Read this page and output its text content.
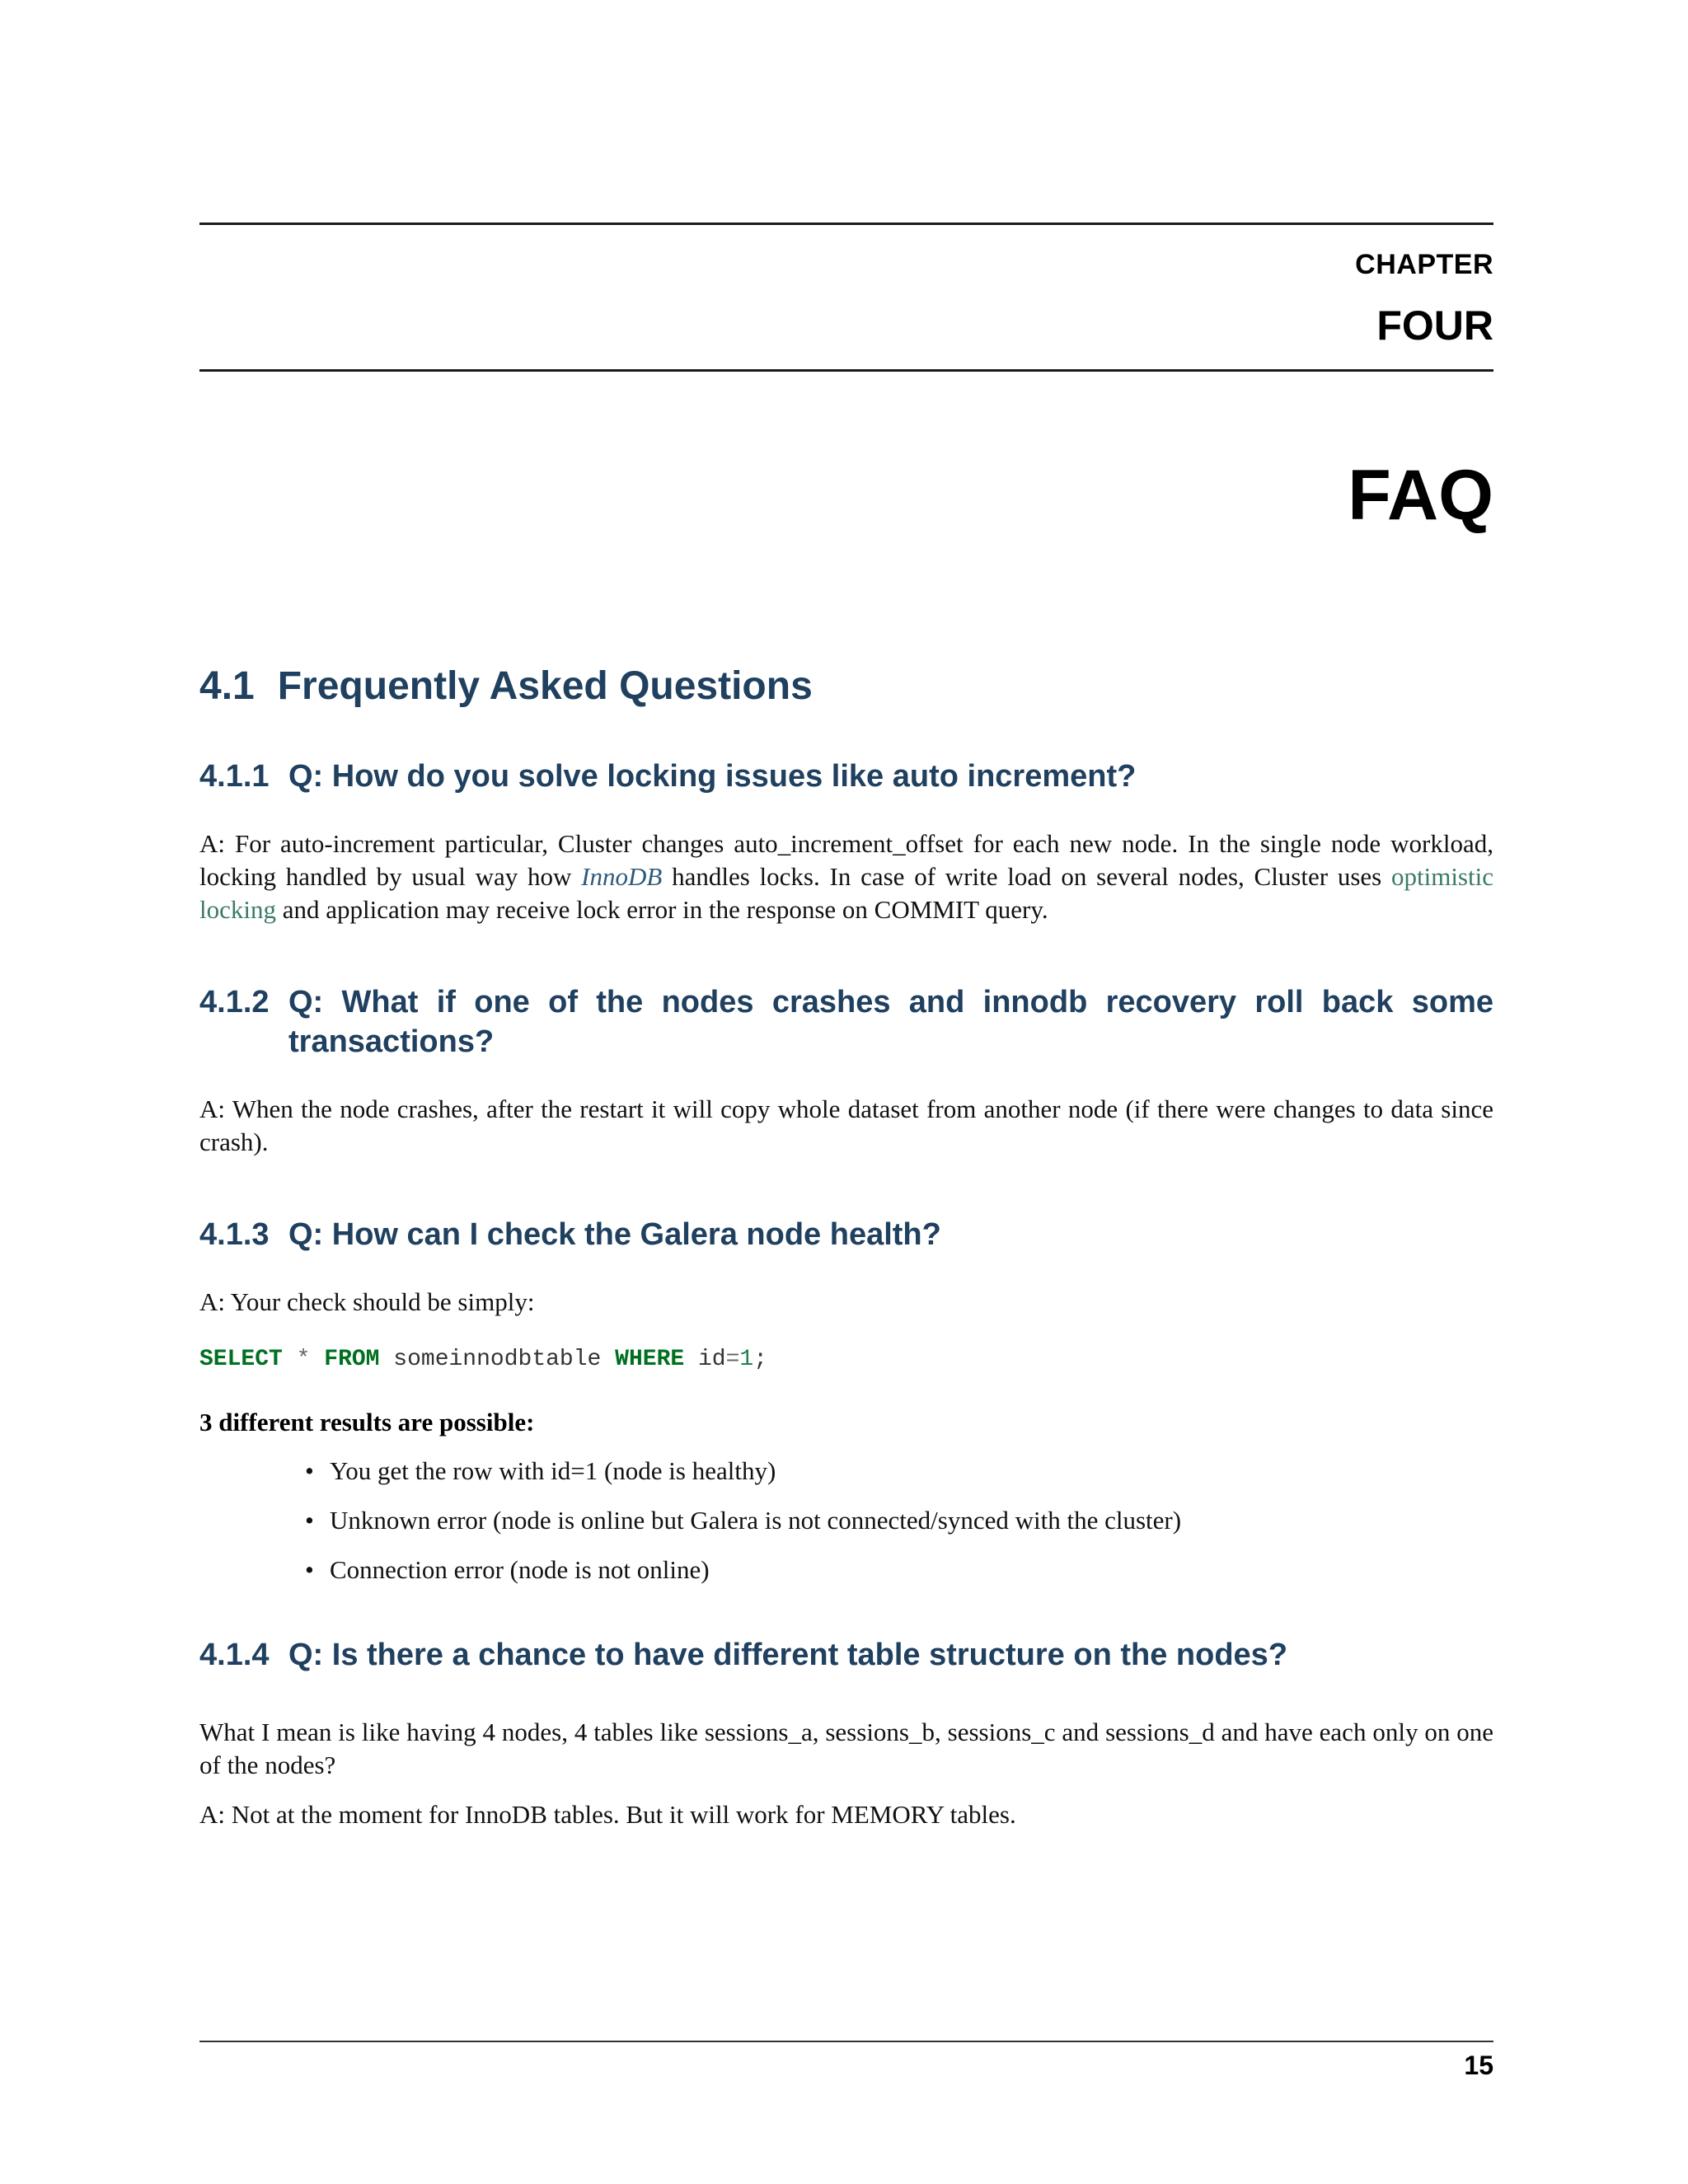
CHAPTER
FOUR
FAQ
4.1 Frequently Asked Questions
4.1.1 Q: How do you solve locking issues like auto increment?
A: For auto-increment particular, Cluster changes auto_increment_offset for each new node. In the single node workload, locking handled by usual way how InnoDB handles locks. In case of write load on several nodes, Cluster uses optimistic locking and application may receive lock error in the response on COMMIT query.
4.1.2 Q: What if one of the nodes crashes and innodb recovery roll back some transactions?
A: When the node crashes, after the restart it will copy whole dataset from another node (if there were changes to data since crash).
4.1.3 Q: How can I check the Galera node health?
A: Your check should be simply:
SELECT * FROM someinnodbtable WHERE id=1;
3 different results are possible:
• You get the row with id=1 (node is healthy)
• Unknown error (node is online but Galera is not connected/synced with the cluster)
• Connection error (node is not online)
4.1.4 Q: Is there a chance to have different table structure on the nodes?
What I mean is like having 4 nodes, 4 tables like sessions_a, sessions_b, sessions_c and sessions_d and have each only on one of the nodes?
A: Not at the moment for InnoDB tables. But it will work for MEMORY tables.
15
